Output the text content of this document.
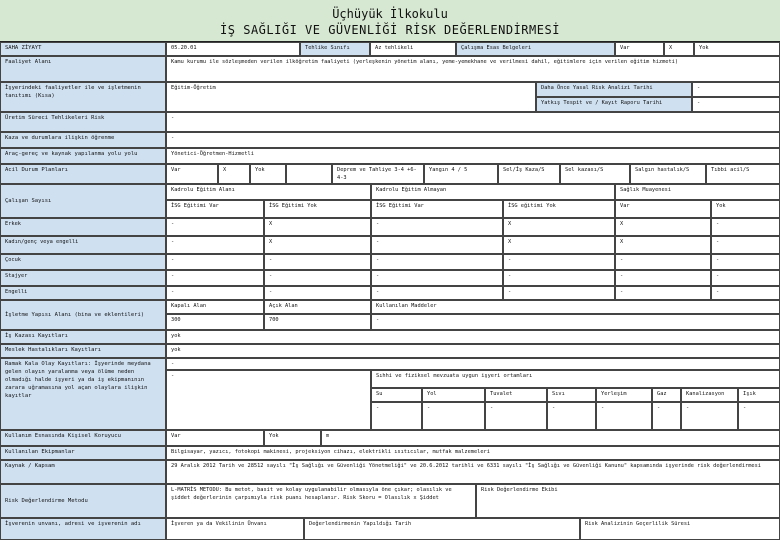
Üçhüyük İlkokulu
İŞ SAĞLIĞI VE GÜVENLİĞİ RİSK DEĞERLENDİRMESİ
SAHA ZİYAYT	05.20.01	Tehlike Sınıfı	Az tehlikeli	Çalışma Esas Belgeleri	Var	X	Yok
Faaliyet Alanı	Kamu kurumu ile sözleşmeden verilen ilköğretim faaliyeti (yerleşkenin yönetim alanı, yeme-yemekhane ve verilmesi dahil, eğitimlere için verilen eğitim hizmeti)
İşyerindeki faaliyetler ile ve işletmenin tanıtımı (Kısa)
Eğitim-Öğretim	Daha Önce Yasal Risk Analizi Tarihi	-
Yatkış Tespit ve / Kayıt Raporu Tarihi	-
Üretim Süreci Tehlikeleri Risk	-
Kaza ve durumlara ilişkin öğrenme	-
Araç-gereç ve kaynak yapılanma yolu yolu	Yönetici-Öğretmen-Hizmetli
Acil Durum Planları	Var	X	Yok	Deprem ve Tahliye 3-4 +6-4-3
Yangın 4 / 5	Sel/İş Kaza/S	Sel kazası/S	Salgın hastalık/S	Tıbbi acil/S
Çalışan Sayısı
Kadrolu Eğitim Alanı	Kadrolu Eğitim Almayan	Sağlık Muayenesi
İSG Eğitimi Var	İSG Eğitimi Yok	İSG Eğitimi Var	İSG eğitimi Yok	Var	Yok
Erkek	-	X	-	X	X	-
Kadın/genç veya engelli	-	X	-	X	X	-
Çocuk	-	-	-	-	-	-
Stajyer	-	-	-	-	-	-
Engelli	-	-	-	-	-	-
İşletme Yapısı Alanı (bina ve eklentileri)
Kapalı Alan	Açık Alan	Kullanılan Maddeler
300	700	-
İş Kazası Kayıtları	yok
Meslek Hastalıkları Kayıtları	yok
Ramak Kala Olay Kayıtları: İşyerinde meydana gelen olayın yaralanma veya ölüme neden olmadığı halde işyeri ya da iş ekipmanının zarara uğramasına yol açan olaylara ilişkin kayıtlar
-
-	Sıhhi ve fiziksel mevzuata uygun işyeri ortamları
Su	Yol	Tuvalet	Sıvı	Yerleşim	Gaz	Kanalizasyon	Işık
-	-	-	-	-	-	-	-
Kullanım Esnasında Kişisel Koruyucu	Var	Yok	m
Kullanılan Ekipmanlar	Bilgisayar, yazıcı, fotokopi makinesi, projeksiyon cihazı, elektrikli ısıtıcılar, mutfak malzemeleri
Kaynak / Kapsam	29 Aralık 2012 Tarih ve 28512 sayılı "İş Sağlığı ve Güvenliği Yönetmeliği" ve 20.6.2012 tarihli ve 6331 sayılı "İş Sağlığı ve Güvenliği Kanunu" kapsamında işyerinde risk değerlendirmesi
Risk Değerlendirme Metodu
L-MATRİS METODU: Bu metot, basit ve kolay uygulanabilir olmasıyla öne çıkar; olasılık ve şiddet değerlerinin çarpımıyla risk puanı hesaplanır. Risk Skoru = Olasılık x Şiddet
Risk Değerlendirme Ekibi
İşverenin unvanı, adresi ve işverenin adı	İşveren ya da Vekilinin Ünvanı	Değerlendirmenin Yapıldığı Tarih	Risk Analizinin Geçerlilik Süresi
